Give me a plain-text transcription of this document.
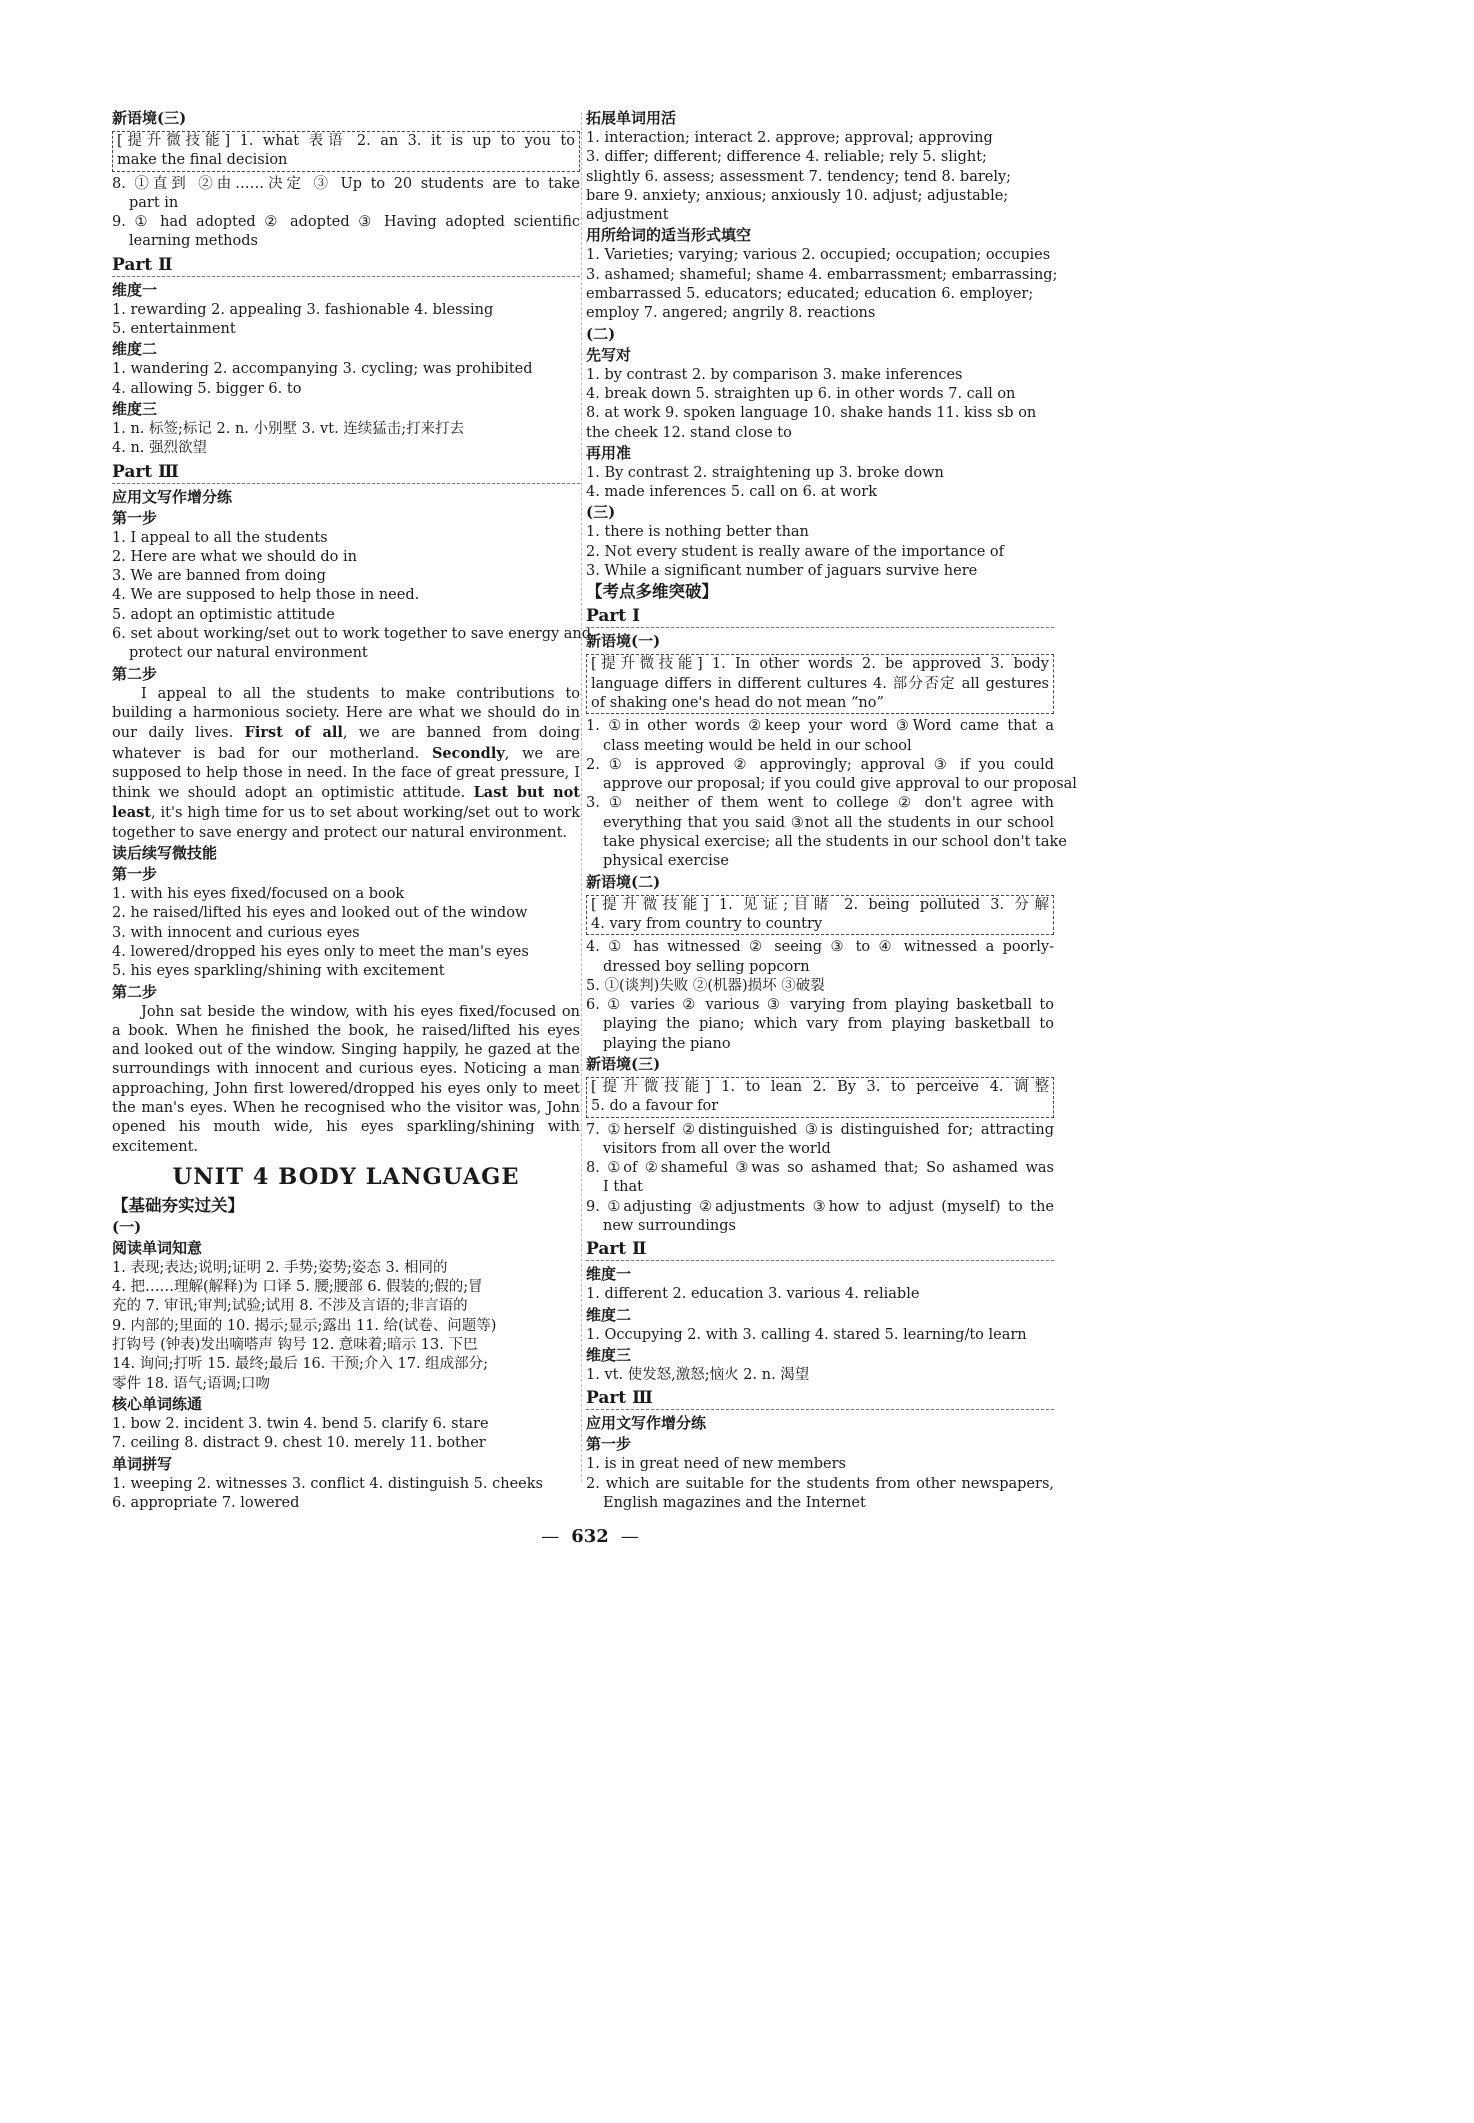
新语境(三)
[提升微技能] 1. what 表语 2. an 3. it is up to you to
make the final decision
8. ①直到 ②由……决定 ③ Up to 20 students are to take
part in
9. ① had adopted ② adopted ③ Having adopted scientific
learning methods
Part Ⅱ
维度一
1. rewarding 2. appealing 3. fashionable 4. blessing
5. entertainment
维度二
1. wandering 2. accompanying 3. cycling; was prohibited
4. allowing 5. bigger 6. to
维度三
1. n. 标签;标记 2. n. 小别墅 3. vt. 连续猛击;打来打去
4. n. 强烈欲望
Part Ⅲ
应用文写作增分练
第一步
1. I appeal to all the students
2. Here are what we should do in
3. We are banned from doing
4. We are supposed to help those in need.
5. adopt an optimistic attitude
6. set about working/set out to work together to save energy and
protect our natural environment
第二步
I appeal to all the students to make contributions to building a harmonious society. Here are what we should do in our daily lives. First of all, we are banned from doing whatever is bad for our motherland. Secondly, we are supposed to help those in need. In the face of great pressure, I think we should adopt an optimistic attitude. Last but not least, it's high time for us to set about working/set out to work together to save energy and protect our natural environment.
读后续写微技能
第一步
1. with his eyes fixed/focused on a book
2. he raised/lifted his eyes and looked out of the window
3. with innocent and curious eyes
4. lowered/dropped his eyes only to meet the man's eyes
5. his eyes sparkling/shining with excitement
第二步
John sat beside the window, with his eyes fixed/focused on a book. When he finished the book, he raised/lifted his eyes and looked out of the window. Singing happily, he gazed at the surroundings with innocent and curious eyes. Noticing a man approaching, John first lowered/dropped his eyes only to meet the man's eyes. When he recognised who the visitor was, John opened his mouth wide, his eyes sparkling/shining with excitement.
UNIT 4 BODY LANGUAGE
【基础夯实过关】
(一)
阅读单词知意
1. 表现;表达;说明;证明 2. 手势;姿势;姿态 3. 相同的
4. 把……理解(解释)为 口译 5. 腰;腰部 6. 假装的;假的;冒
充的 7. 审讯;审判;试验;试用 8. 不涉及言语的;非言语的
9. 内部的;里面的 10. 揭示;显示;露出 11. 给(试卷、问题等)
打钩号 (钟表)发出嘀嗒声 钩号 12. 意味着;暗示 13. 下巴
14. 询问;打听 15. 最终;最后 16. 干预;介入 17. 组成部分;
零件 18. 语气;语调;口吻
核心单词练通
1. bow 2. incident 3. twin 4. bend 5. clarify 6. stare
7. ceiling 8. distract 9. chest 10. merely 11. bother
单词拼写
1. weeping 2. witnesses 3. conflict 4. distinguish 5. cheeks
6. appropriate 7. lowered
拓展单词用活
1. interaction; interact 2. approve; approval; approving
3. differ; different; difference 4. reliable; rely 5. slight;
slightly 6. assess; assessment 7. tendency; tend 8. barely;
bare 9. anxiety; anxious; anxiously 10. adjust; adjustable;
adjustment
用所给词的适当形式填空
1. Varieties; varying; various 2. occupied; occupation; occupies
3. ashamed; shameful; shame 4. embarrassment; embarrassing;
embarrassed 5. educators; educated; education 6. employer;
employ 7. angered; angrily 8. reactions
(二)
先写对
1. by contrast 2. by comparison 3. make inferences
4. break down 5. straighten up 6. in other words 7. call on
8. at work 9. spoken language 10. shake hands 11. kiss sb on
the cheek 12. stand close to
再用准
1. By contrast 2. straightening up 3. broke down
4. made inferences 5. call on 6. at work
(三)
1. there is nothing better than
2. Not every student is really aware of the importance of
3. While a significant number of jaguars survive here
【考点多维突破】
Part Ⅰ
新语境(一)
[提升微技能] 1. In other words 2. be approved 3. body
language differs in different cultures 4. 部分否定 all gestures
of shaking one's head do not mean “no”
1. ①in other words ②keep your word ③Word came that a
class meeting would be held in our school
2. ① is approved ② approvingly; approval ③ if you could
approve our proposal; if you could give approval to our proposal
3. ① neither of them went to college ② don't agree with
everything that you said ③not all the students in our school
take physical exercise; all the students in our school don't take
physical exercise
新语境(二)
[提升微技能] 1. 见证;目睹 2. being polluted 3. 分解
4. vary from country to country
4. ① has witnessed ② seeing ③ to ④ witnessed a poorly-
dressed boy selling popcorn
5. ①(谈判)失败 ②(机器)损坏 ③破裂
6. ① varies ② various ③ varying from playing basketball to
playing the piano; which vary from playing basketball to
playing the piano
新语境(三)
[提升微技能] 1. to lean 2. By 3. to perceive 4. 调整
5. do a favour for
7. ①herself ②distinguished ③is distinguished for; attracting
visitors from all over the world
8. ①of ②shameful ③was so ashamed that; So ashamed was
I that
9. ①adjusting ②adjustments ③how to adjust (myself) to the
new surroundings
Part Ⅱ
维度一
1. different 2. education 3. various 4. reliable
维度二
1. Occupying 2. with 3. calling 4. stared 5. learning/to learn
维度三
1. vt. 使发怒,激怒;恼火 2. n. 渴望
Part Ⅲ
应用文写作增分练
第一步
1. is in great need of new members
2. which are suitable for the students from other newspapers,
English magazines and the Internet
— 632 —
